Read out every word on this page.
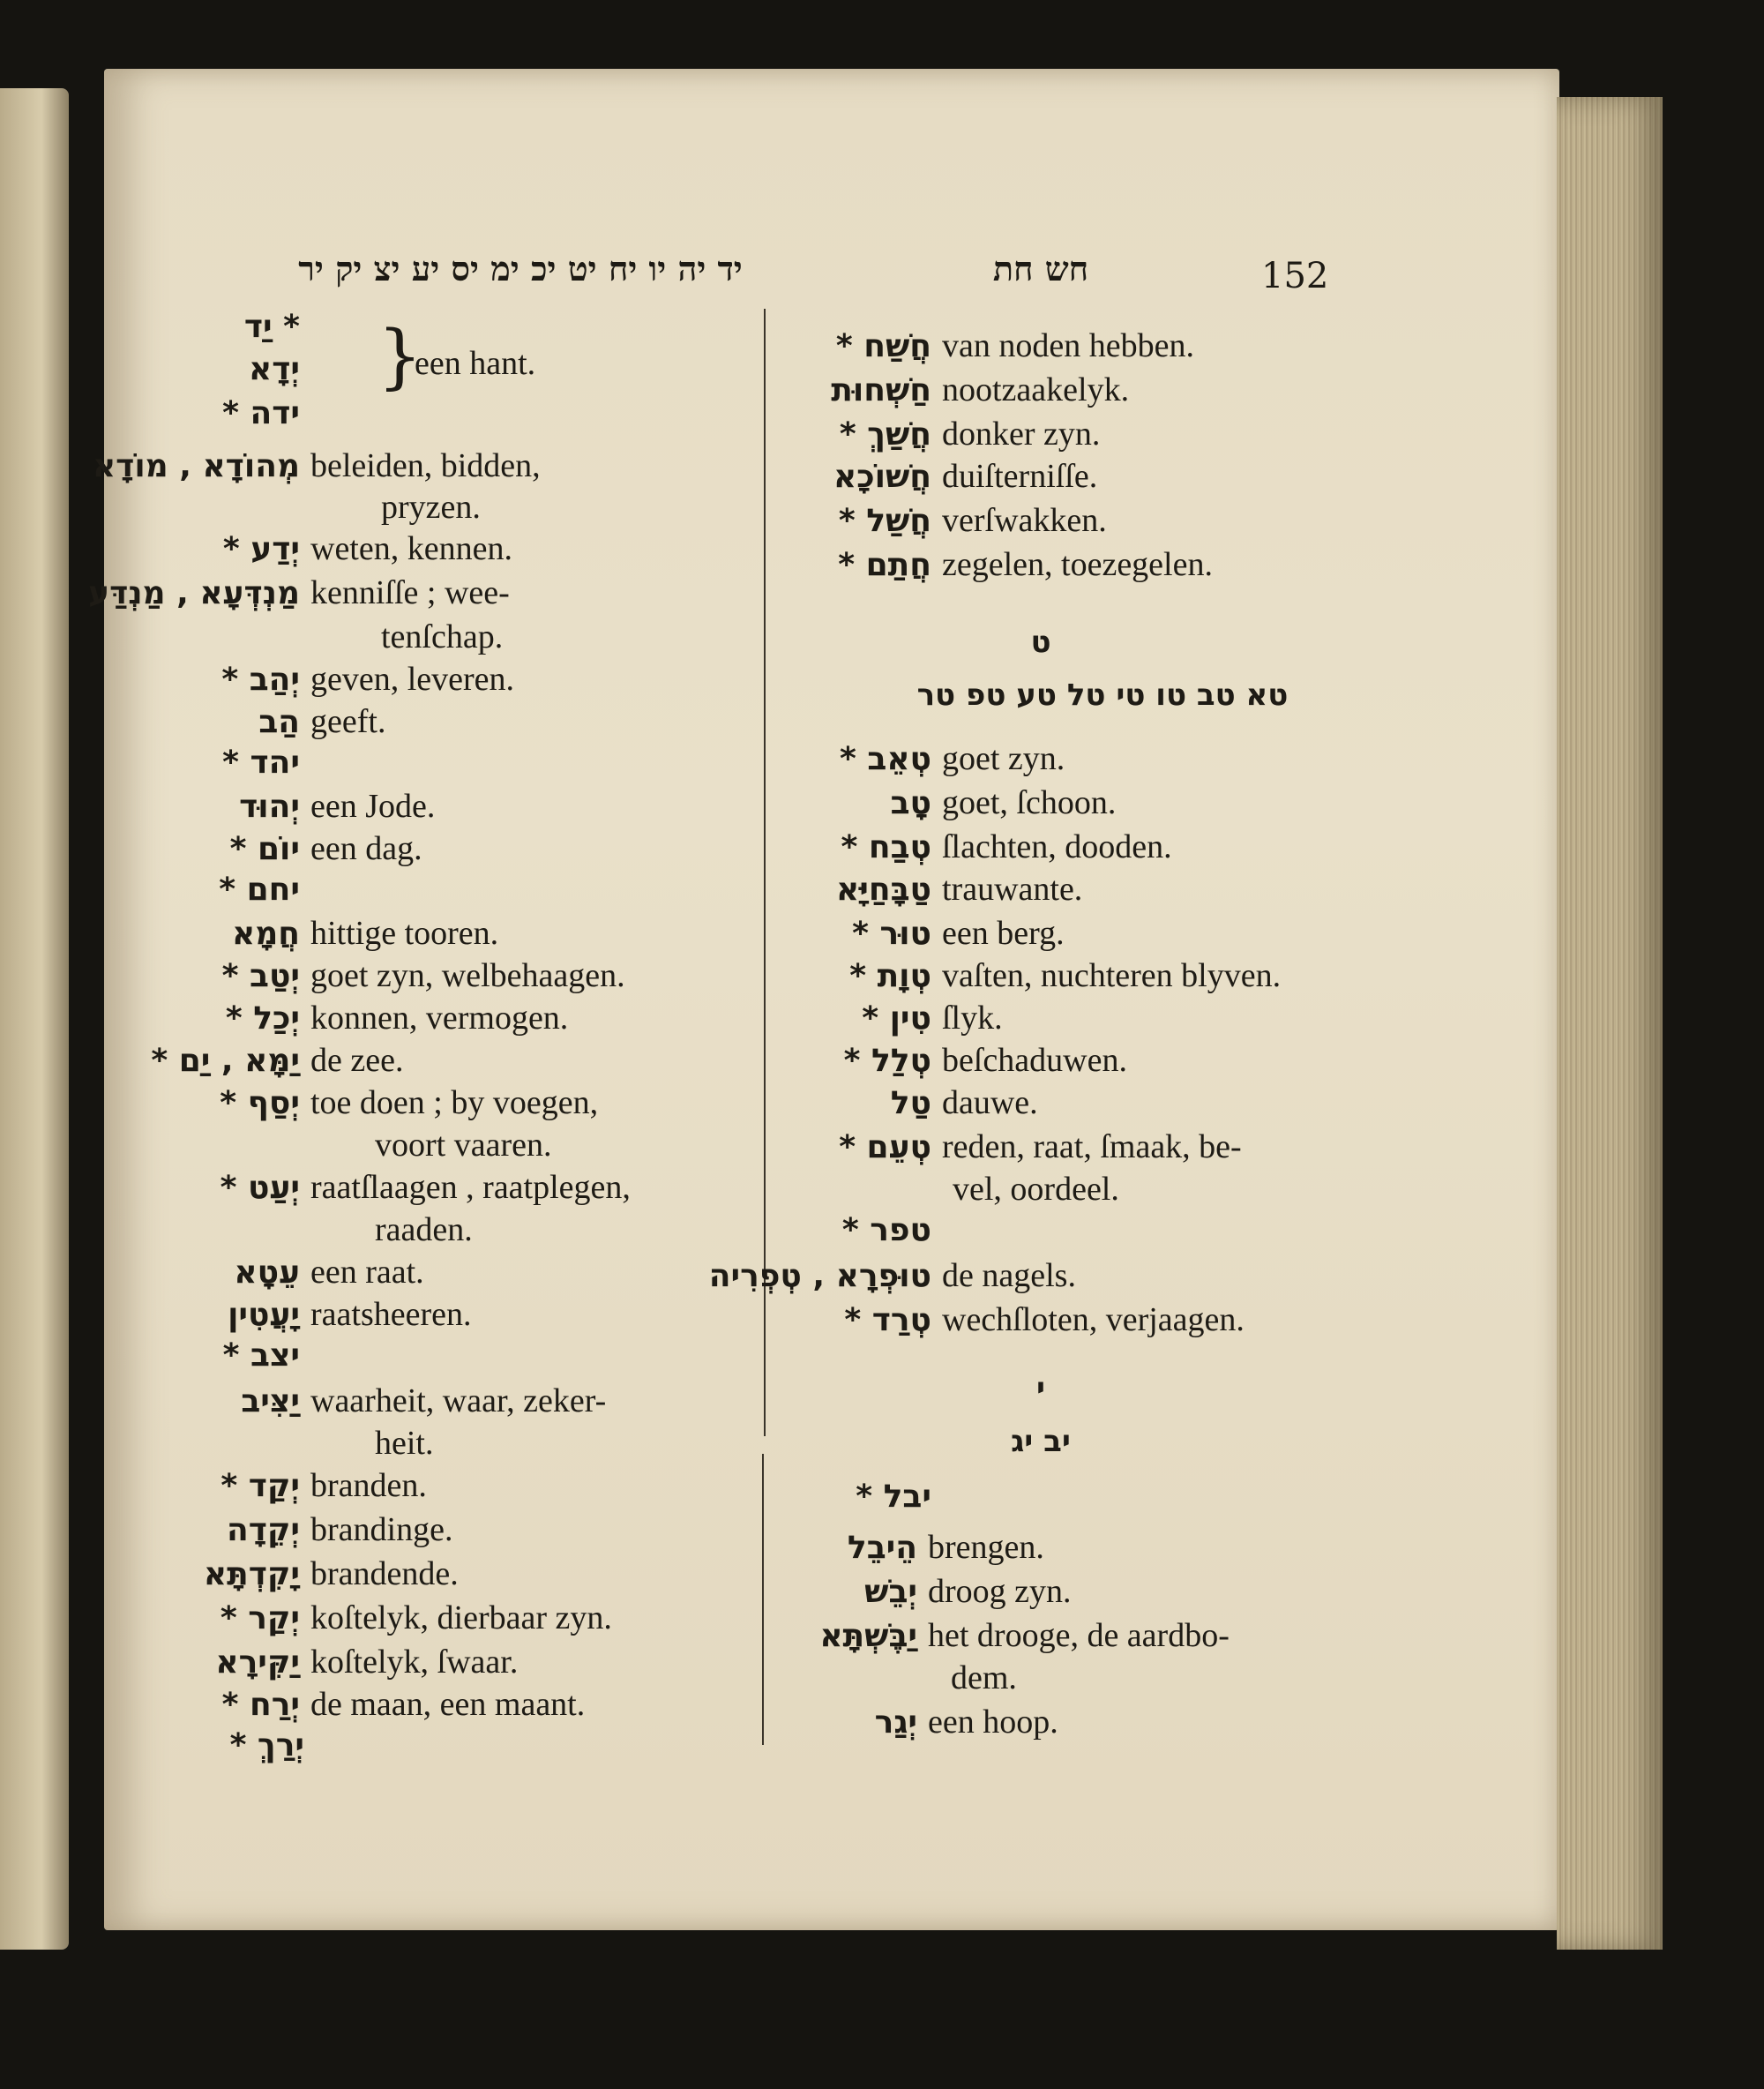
יד יה יו יח יט יכ ימ יס יע יצ יק יר	חש חת	152
* יַד
יְדָא }
een hant.
ידה *
מְהוֹדָא , מוֹדָא beleiden, bidden,
pryzen.
יְדַע * weten, kennen.
מַנְדְּעָא , מַנְדַּע kenniſſe ; wee-
tenſchap.
יְהַב * geven, leveren.
הַב geeft.
יהד *
יְהוּד een Jode.
יוֹם * een dag.
יחם *
חֲמָא hittige tooren.
יְטַב * goet zyn, welbehaagen.
יְכַל * konnen, vermogen.
יַמָּא , יַם * de zee.
יְסַף * toe doen ; by voegen,
voort vaaren.
יְעַט * raatſlaagen , raatplegen,
raaden.
עֵטָא een raat.
יָעֲטִין raatsheeren.
יצב *
יַצִּיב waarheit, waar, zeker-
heit.
יְקַד * branden.
יְקֵדָה brandinge.
יָקִדְתָּא brandende.
יְקַר * koſtelyk, dierbaar zyn.
יַקִּירָא koſtelyk, ſwaar.
יְרַח * de maan, een maant.
יְרַךְ *
חֲשַׁח * van noden hebben.
חַשְׁחוּת nootzaakelyk.
חֲשַׁךְ * donker zyn.
חֲשׁוֹכָא duiſterniſſe.
חֲשַׁל * verſwakken.
חֲתַם * zegelen, toezegelen.
ט
טא טב טו טי טל טע טפ טר
טְאֵב * goet zyn.
טָב goet, ſchoon.
טְבַח * ſlachten, dooden.
טַבָּחַיָּא trauwante.
טוּר * een berg.
טְוָת * vaſten, nuchteren blyven.
טִין * ſlyk.
טְלַל * beſchaduwen.
טַל dauwe.
טְעֵם * reden, raat, ſmaak, be-
vel, oordeel.
טפר *
טוּפְרָא , טְפְרִיה de nagels.
טְרַד * wechſloten, verjaagen.
י
יב יג
יבל *
הֵיבֵל brengen.
יְבֵשׁ droog zyn.
יַבֶּשְׁתָּא het drooge, de aardbo-
dem.
יְגַר een hoop.
